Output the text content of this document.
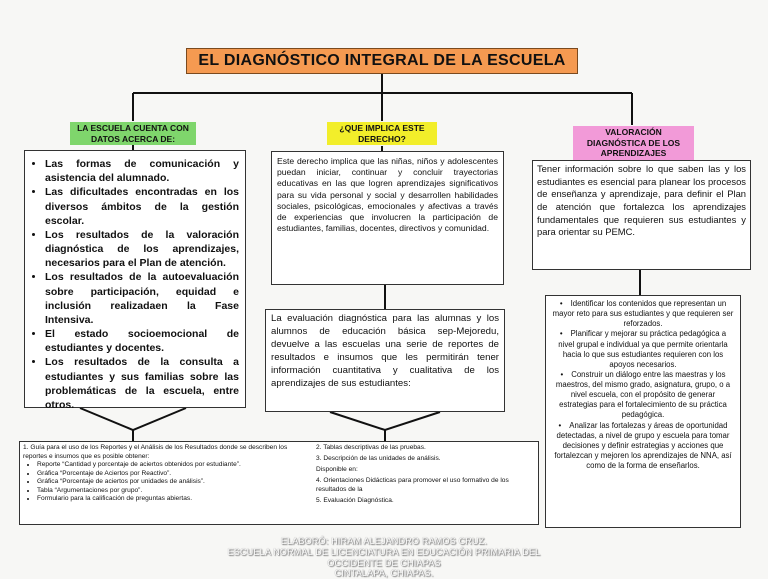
EL DIAGNÓSTICO INTEGRAL DE LA ESCUELA
LA ESCUELA CUENTA CON DATOS ACERCA DE:
¿QUE IMPLICA ESTE DERECHO?
VALORACIÓN DIAGNÓSTICA DE LOS APRENDIZAJES
• Las formas de comunicación y asistencia del alumnado.
• Las dificultades encontradas en los diversos ámbitos de la gestión escolar.
• Los resultados de la valoración diagnóstica de los aprendizajes, necesarios para el Plan de atención.
• Los resultados de la autoevaluación sobre participación, equidad e inclusión realizadaen la Fase Intensiva.
• El estado socioemocional de estudiantes y docentes.
• Los resultados de la consulta a estudiantes y sus familias sobre las problemáticas de la escuela, entre otros.
Este derecho implica que las niñas, niños y adolescentes puedan iniciar, continuar y concluir trayectorias educativas en las que logren aprendizajes significativos para su vida personal y social y desarrollen habilidades sociales, psicológicas, emocionales y afectivas a través de experiencias que involucren la participación de estudiantes, familias, docentes, directivos y comunidad.
La evaluación diagnóstica para las alumnas y los alumnos de educación básica sep-Mejoredu, devuelve a las escuelas una serie de reportes de resultados e insumos que les permitirán tener información cuantitativa y cualitativa de los aprendizajes de sus estudiantes:
Tener información sobre lo que saben las y los estudiantes es esencial para planear los procesos de enseñanza y aprendizaje, para definir el Plan de atención que fortalezca los aprendizajes fundamentales que requieren sus estudiantes y para orientar su PEMC.
• Identificar los contenidos que representan un mayor reto para sus estudiantes y que requieren ser reforzados.
• Planificar y mejorar su práctica pedagógica a nivel grupal e individual ya que permite orientarla hacia lo que sus estudiantes requieren con los apoyos necesarios.
• Construir un diálogo entre las maestras y los maestros, del mismo grado, asignatura, grupo, o a nivel escuela, con el propósito de generar estrategias para el fortalecimiento de su práctica pedagógica.
• Analizar las fortalezas y áreas de oportunidad detectadas, a nivel de grupo y escuela para tomar decisiones y definir estrategias y acciones que fortalezcan y mejoren los aprendizajes de NNA, así como de la forma de enseñarlos.
1. Guía para el uso de los Reportes y el Análisis de los Resultados donde se describen los reportes e insumos que es posible obtener:
• Reporte “Cantidad y porcentaje de aciertos obtenidos por estudiante”.
• Gráfica “Porcentaje de Aciertos por Reactivo”.
• Gráfica “Porcentaje de aciertos por unidades de análisis”.
• Tabla “Argumentaciones por grupo”.
• Formulario para la calificación de preguntas abiertas.
2. Tablas descriptivas de las pruebas.
3. Descripción de las unidades de análisis.
Disponible en:
4. Orientaciones Didácticas para promover el uso formativo de los resultados de la
5. Evaluación Diagnóstica.
ELABORÓ: HIRAM ALEJANDRO RAMOS CRUZ.
ESCUELA NORMAL DE LICENCIATURA EN EDUCACIÓN PRIMARIA DEL OCCIDENTE DE CHIAPAS
CINTALAPA, CHIAPAS.
